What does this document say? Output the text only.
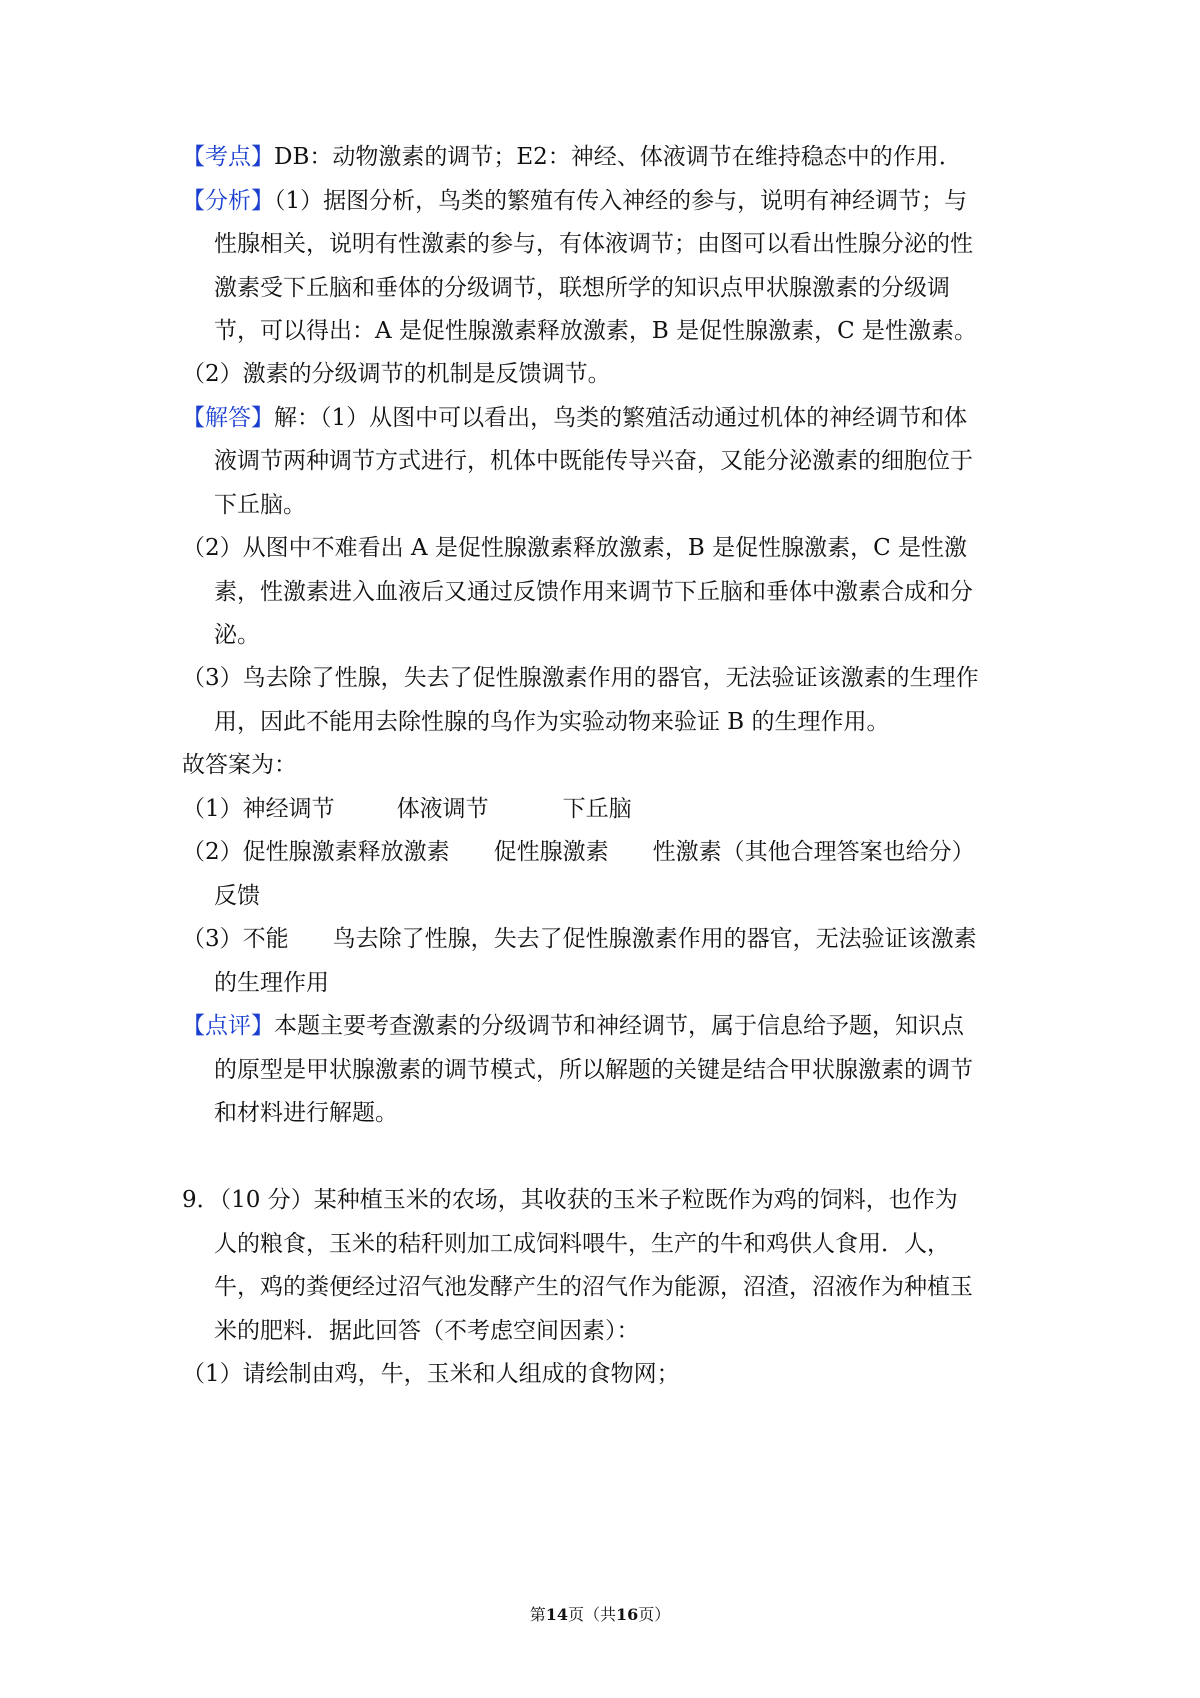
【考点】DB：动物激素的调节；E2：神经、体液调节在维持稳态中的作用．
【分析】（1）据图分析，鸟类的繁殖有传入神经的参与，说明有神经调节；与
性腺相关，说明有性激素的参与，有体液调节；由图可以看出性腺分泌的性
激素受下丘脑和垂体的分级调节，联想所学的知识点甲状腺激素的分级调
节，可以得出：A 是促性腺激素释放激素，B 是促性腺激素，C 是性激素。
（2）激素的分级调节的机制是反馈调节。
【解答】解：（1）从图中可以看出，鸟类的繁殖活动通过机体的神经调节和体
液调节两种调节方式进行，机体中既能传导兴奋，又能分泌激素的细胞位于
下丘脑。
（2）从图中不难看出 A 是促性腺激素释放激素，B 是促性腺激素，C 是性激
素，性激素进入血液后又通过反馈作用来调节下丘脑和垂体中激素合成和分
泌。
（3）鸟去除了性腺，失去了促性腺激素作用的器官，无法验证该激素的生理作
用，因此不能用去除性腺的鸟作为实验动物来验证 B 的生理作用。
故答案为：
（1）神经调节	体液调节	下丘脑
（2）促性腺激素释放激素 促性腺激素 性激素（其他合理答案也给分）
反馈
（3）不能 鸟去除了性腺，失去了促性腺激素作用的器官，无法验证该激素
的生理作用
【点评】本题主要考查激素的分级调节和神经调节，属于信息给予题，知识点
的原型是甲状腺激素的调节模式，所以解题的关键是结合甲状腺激素的调节
和材料进行解题。
9．（10 分）某种植玉米的农场，其收获的玉米子粒既作为鸡的饲料，也作为
人的粮食，玉米的秸秆则加工成饲料喂牛，生产的牛和鸡供人食用．人，
牛，鸡的粪便经过沼气池发酵产生的沼气作为能源，沼渣，沼液作为种植玉
米的肥料．据此回答（不考虑空间因素）：
（1）请绘制由鸡，牛，玉米和人组成的食物网；
第14页（共16页）
